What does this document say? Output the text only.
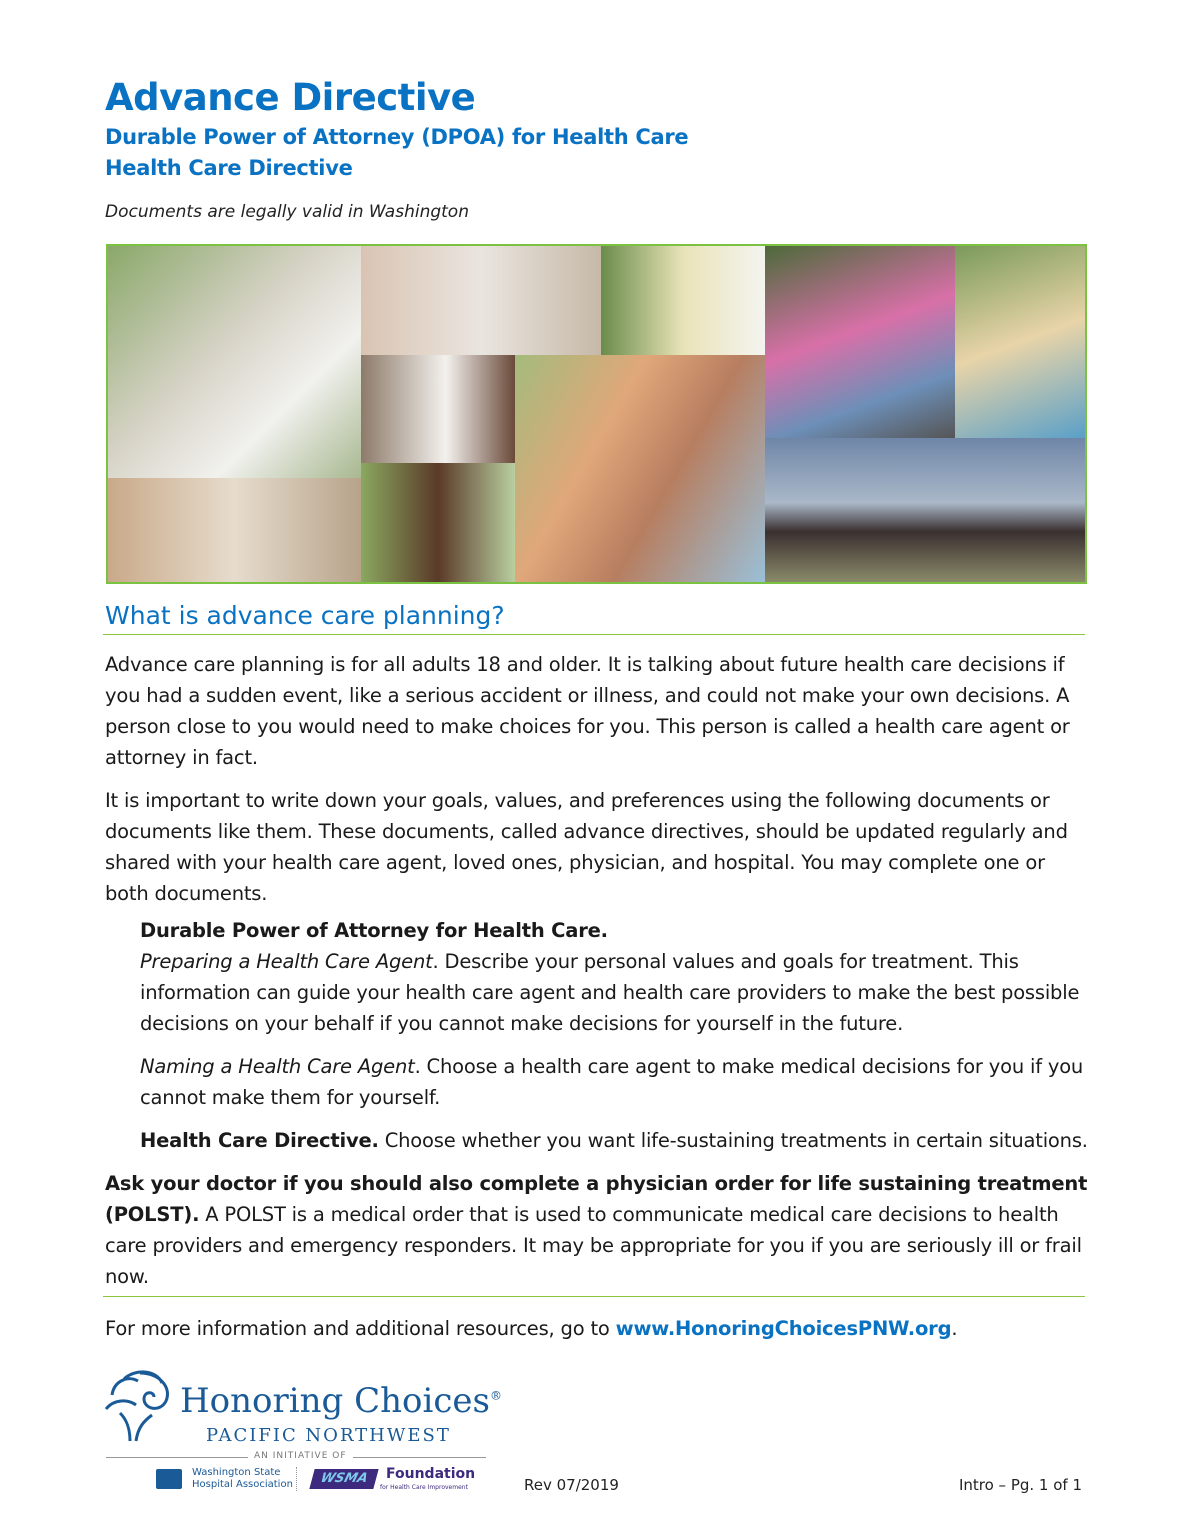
Advance Directive
Durable Power of Attorney (DPOA) for Health Care
Health Care Directive
Documents are legally valid in Washington
What is advance care planning?

Advance care planning is for all adults 18 and older. It is talking about future health care decisions if you had a sudden event, like a serious accident or illness, and could not make your own decisions. A person close to you would need to make choices for you. This person is called a health care agent or attorney in fact.

It is important to write down your goals, values, and preferences using the following documents or documents like them. These documents, called advance directives, should be updated regularly and shared with your health care agent, loved ones, physician, and hospital. You may complete one or both documents.

Durable Power of Attorney for Health Care.

Preparing a Health Care Agent. Describe your personal values and goals for treatment. This information can guide your health care agent and health care providers to make the best possible decisions on your behalf if you cannot make decisions for yourself in the future.

Naming a Health Care Agent. Choose a health care agent to make medical decisions for you if you cannot make them for yourself.

Health Care Directive. Choose whether you want life-sustaining treatments in certain situations.

Ask your doctor if you should also complete a physician order for life sustaining treatment (POLST). A POLST is a medical order that is used to communicate medical care decisions to health care providers and emergency responders. It may be appropriate for you if you are seriously ill or frail now.

For more information and additional resources, go to www.HonoringChoicesPNW.org.
Honoring Choices®
PACIFIC NORTHWEST
AN INITIATIVE OF
Washington State
Hospital Association	WSMA	Foundation
for Health Care Improvement	Rev 07/2019	Intro – Pg. 1 of 1
